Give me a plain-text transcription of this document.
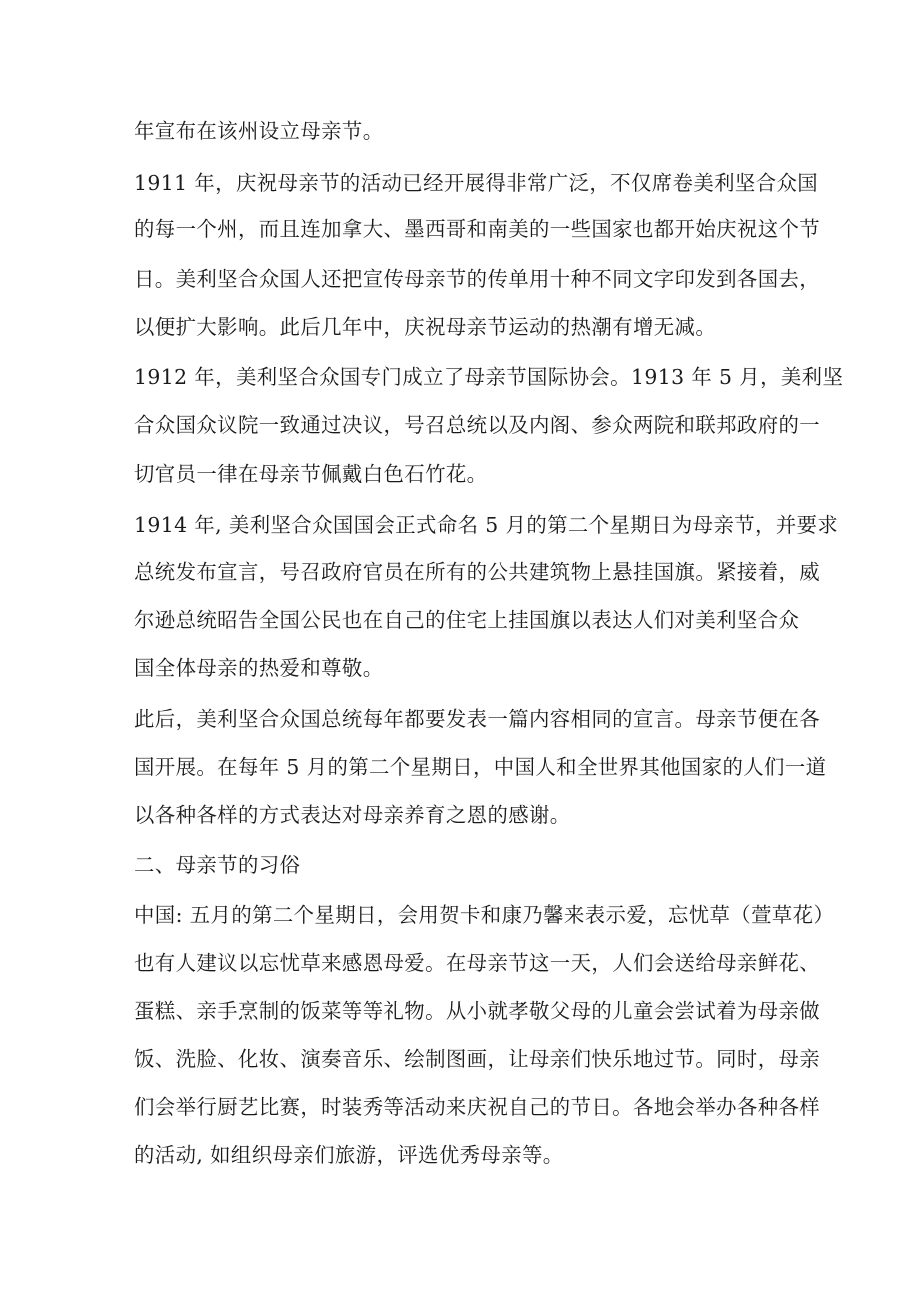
年宣布在该州设立母亲节。

1911 年，庆祝母亲节的活动已经开展得非常广泛，不仅席卷美利坚合众国

的每一个州，而且连加拿大、墨西哥和南美的一些国家也都开始庆祝这个节

日。美利坚合众国人还把宣传母亲节的传单用十种不同文字印发到各国去，

以便扩大影响。此后几年中，庆祝母亲节运动的热潮有增无减。

1912 年，美利坚合众国专门成立了母亲节国际协会。1913 年 5 月，美利坚

合众国众议院一致通过决议，号召总统以及内阁、参众两院和联邦政府的一

切官员一律在母亲节佩戴白色石竹花。

1914 年, 美利坚合众国国会正式命名 5 月的第二个星期日为母亲节，并要求

总统发布宣言，号召政府官员在所有的公共建筑物上悬挂国旗。紧接着，威

尔逊总统昭告全国公民也在自己的住宅上挂国旗以表达人们对美利坚合众

国全体母亲的热爱和尊敬。

此后，美利坚合众国总统每年都要发表一篇内容相同的宣言。母亲节便在各

国开展。在每年 5 月的第二个星期日，中国人和全世界其他国家的人们一道

以各种各样的方式表达对母亲养育之恩的感谢。

二、母亲节的习俗

中国: 五月的第二个星期日，会用贺卡和康乃馨来表示爱，忘忧草（萱草花）

也有人建议以忘忧草来感恩母爱。在母亲节这一天，人们会送给母亲鲜花、

蛋糕、亲手烹制的饭菜等等礼物。从小就孝敬父母的儿童会尝试着为母亲做

饭、洗脸、化妆、演奏音乐、绘制图画，让母亲们快乐地过节。同时，母亲

们会举行厨艺比赛，时装秀等活动来庆祝自己的节日。各地会举办各种各样

的活动, 如组织母亲们旅游，评选优秀母亲等。
